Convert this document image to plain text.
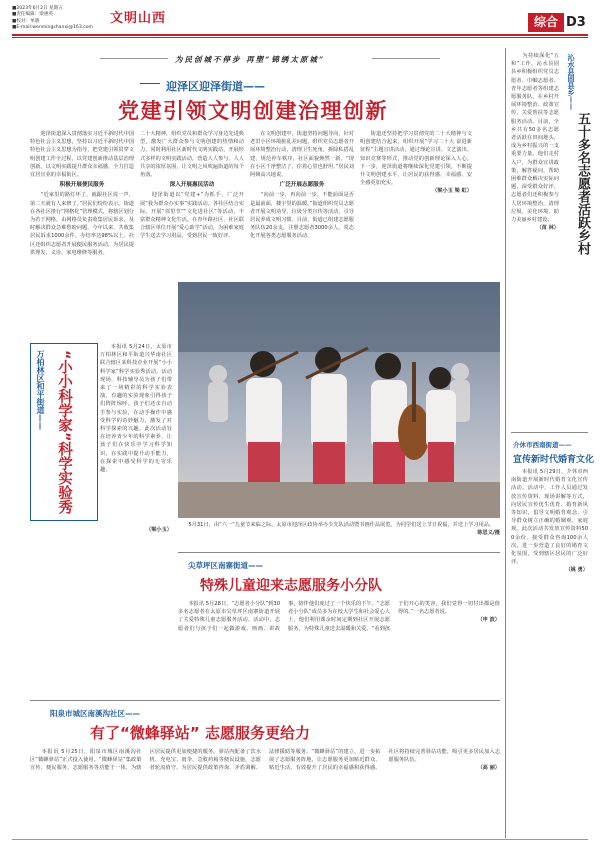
■2023年6月2日 星期五
■责任编辑：梁惠英
■校对：单晓
■E-mail:wenmingshanxi@163.com
文明山西	综合 D3
为民创城不停步 再塑“锦绣太原城”
迎泽区迎泽街道——
党建引领文明创建治理创新
　　迎泽街道深入贯彻落实习近平新时代中国特色社会主义思想，坚持以习近平新时代中国特色社会主义思想为指导，把党建引领贯穿文明创建工作全过程，以党建创新推动基层治理创新，以文明实践提升群众幸福感，全力打造宜居宜业的幸福街区。
积极开展便民服务
　　“近家里的路灯坏了，就跟社区说一声，第二天就有人来修了。”居民们纷纷表示。街道在各社区推行“网格化”管理模式，将辖区划分为若干网格，由网格员负责收集居民诉求，及时解决群众急难愁盼问题。今年以来，共收集居民诉求1000余件，办结率达98%以上。社区还组织志愿者开展便民服务活动，为居民提供理发、义诊、家电维修等服务。
二十大精神，组织党员和群众学习身边先进典型，激发广大群众参与文明创建的热情和动力。同时利用社区新时代文明实践站，开展形式多样的文明实践活动，营造人人参与、人人共享的浓厚氛围，让文明之风吹遍街道的每个角落。
深入开展惠民活动
　　迎泽街道以“党建+”为抓手，广泛开展“我为群众办实事”实践活动。各社区结合实际，开展“邻里节”“文化进社区”等活动，丰富群众精神文化生活。在青年路社区，社区联合辖区单位开展“爱心助学”活动，为困难家庭学生送去学习用品，受到居民一致好评。
　　在文明创建中，街道坚持问题导向，针对老旧小区环境脏乱差问题，组织党员志愿者开展环境整治行动，清理卫生死角，拆除私搭乱建，规范停车秩序，社区面貌焕然一新。“现在小区干净整洁了，住着心里也舒坦。”居民刘阿姨高兴地说。
广泛开展志愿服务
　　“向前一步，再向前一步。不能前面是否是最前面，楼宇里的温暖。”街道组织党员志愿者开展文明劝导、垃圾分类宣传等活动，引导居民养成文明习惯。目前，街道已组建志愿服务队伍20余支，注册志愿者3000余人，常态化开展各类志愿服务活动。
　　街道还坚持把学习贯彻党的二十大精神与文明创建结合起来，组织开展“学习二十大 奋进新征程”主题宣讲活动，通过理论宣讲、文艺演出、知识竞赛等形式，推动党的创新理论深入人心。下一步，迎泽街道将继续深化党建引领，不断提升文明创建水平，让居民的获得感、幸福感、安全感更加充实。
（梁小玉 梁 虹）
万柏林区和平街道—— “小小科学家”科学实验秀
　　本报讯 5月24日，太原市万柏林区和平街道兴华南社区联合辖区某科技企业开展“小小科学家”科学实验秀活动。活动现场，科技辅导员为孩子们带来了一场精彩的科学实验表演，有趣的实验现象引得孩子们阵阵惊呼。孩子们还亲自动手参与实验，在动手操作中感受科学的奇妙魅力，激发了对科学探索的兴趣。此次活动旨在培养青少年的科学素养，让孩子们在快乐中学习科学知识，在实践中提升动手能力，在探索中感受科学的无穷乐趣。
（梁小玉）
　　5月31日，由“六一”儿童节来临之际，太原市迎泽区政协举办少先队活动暨书画作品展览，为同学们送上节日祝福，并送上学习用品。
陈思义/摄
尖草坪区南寨街道——
特殊儿童迎来志愿服务小分队
　　本报讯 5月28日，“志愿者小分队”到30多名志愿者在太原市尖草坪区南寨街道开展了关爱特殊儿童志愿服务活动。活动中，志愿者们与孩子们一起做游戏、画画、讲故事，陪伴他们度过了一个快乐的下午。“志愿者小分队”成员多为在校大学生和社会爱心人士，他们利用课余时间定期到社区开展志愿服务，为特殊儿童送去温暖和关爱。“看到孩子们开心的笑容，我们觉得一切付出都是值得的。”一名志愿者说。
（申 波）
阳泉市城区南溪沟社区——
有了“微蜂驿站” 志愿服务更给力
　　本报讯 5月25日，阳泉市城区南溪沟社区“微蜂驿站”正式投入使用。“微蜂驿站”集政策宣传、便民服务、志愿服务等功能于一体，为辖区居民提供更加便捷的服务。驿站内配备了饮水机、充电宝、雨伞、急救药箱等便民设施，志愿者轮流值守，为居民提供政策咨询、矛盾调解、法律援助等服务。“微蜂驿站”的建立，进一步拓展了志愿服务阵地，让志愿服务更加贴近群众、贴近生活，有效提升了居民的幸福感和获得感。社区将持续完善驿站功能，吸引更多居民加入志愿服务队伍。
（高 丽）
　　为持续深化“五和”工作，沁水县固县乡积极组织党员志愿者、巾帼志愿者、青年志愿者等组建志愿服务队，在乡村开展环境整治、政策宣传、关爱帮扶等志愿服务活动。目前，全乡共有50多名志愿者活跃在田间地头，成为乡村振兴的一支重要力量。他们走村入户，为群众宣讲政策、解答疑问，帮助困难群众解决实际问题，深受群众好评。志愿者们还积极参与人居环境整治，清理垃圾、美化环境，助力美丽乡村建设。
（苗 林）
沁水县固县乡——
五十多名志愿者活跃乡村
介休市西南街道——
宣传新时代婚育文化
　　本报讯 5月29日，介休市西南街道开展新时代婚育文化宣传活动。活动中，工作人员通过发放宣传资料、现场讲解等方式，向居民宣传优生优育、婚育新风等知识，倡导文明婚育观念，引导群众树立正确的婚姻观、家庭观。此次活动共发放宣传资料500余份，接受群众咨询100余人次，进一步营造了良好的婚育文化氛围，受到辖区居民的广泛好评。
（姚 勇）
